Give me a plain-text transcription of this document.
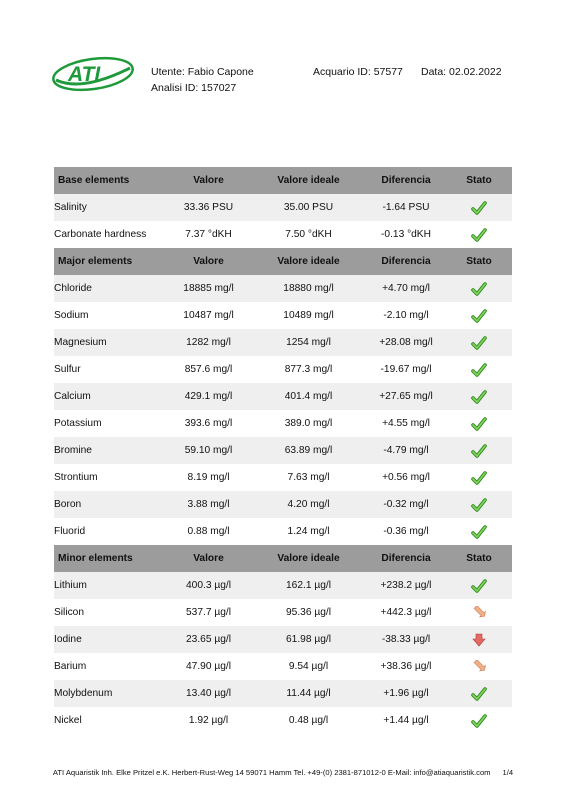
ATI	Utente: Fabio Capone	Acquario ID: 57577 Data: 02.02.2022
Analisi ID: 157027
Base elements	Valore	Valore ideale	Diferencia	Stato
Salinity	33.36 PSU	35.00 PSU	-1.64 PSU	
Carbonate hardness	7.37 °dKH	7.50 °dKH	-0.13 °dKH	
Major elements	Valore	Valore ideale	Diferencia	Stato
Chloride	18885 mg/l	18880 mg/l	+4.70 mg/l	
Sodium	10487 mg/l	10489 mg/l	-2.10 mg/l	
Magnesium	1282 mg/l	1254 mg/l	+28.08 mg/l	
Sulfur	857.6 mg/l	877.3 mg/l	-19.67 mg/l	
Calcium	429.1 mg/l	401.4 mg/l	+27.65 mg/l	
Potassium	393.6 mg/l	389.0 mg/l	+4.55 mg/l	
Bromine	59.10 mg/l	63.89 mg/l	-4.79 mg/l	
Strontium	8.19 mg/l	7.63 mg/l	+0.56 mg/l	
Boron	3.88 mg/l	4.20 mg/l	-0.32 mg/l	
Fluorid	0.88 mg/l	1.24 mg/l	-0.36 mg/l	
Minor elements	Valore	Valore ideale	Diferencia	Stato
Lithium	400.3 µg/l	162.1 µg/l	+238.2 µg/l	
Silicon	537.7 µg/l	95.36 µg/l	+442.3 µg/l	
Iodine	23.65 µg/l	61.98 µg/l	-38.33 µg/l	
Barium	47.90 µg/l	9.54 µg/l	+38.36 µg/l	
Molybdenum	13.40 µg/l	11.44 µg/l	+1.96 µg/l	
Nickel	1.92 µg/l	0.48 µg/l	+1.44 µg/l	
ATI Aquaristik Inh. Elke Pritzel e.K. Herbert-Rust-Weg 14 59071 Hamm Tel. +49-(0) 2381-871012-0 E-Mail: info@atiaquaristik.com 1/4
